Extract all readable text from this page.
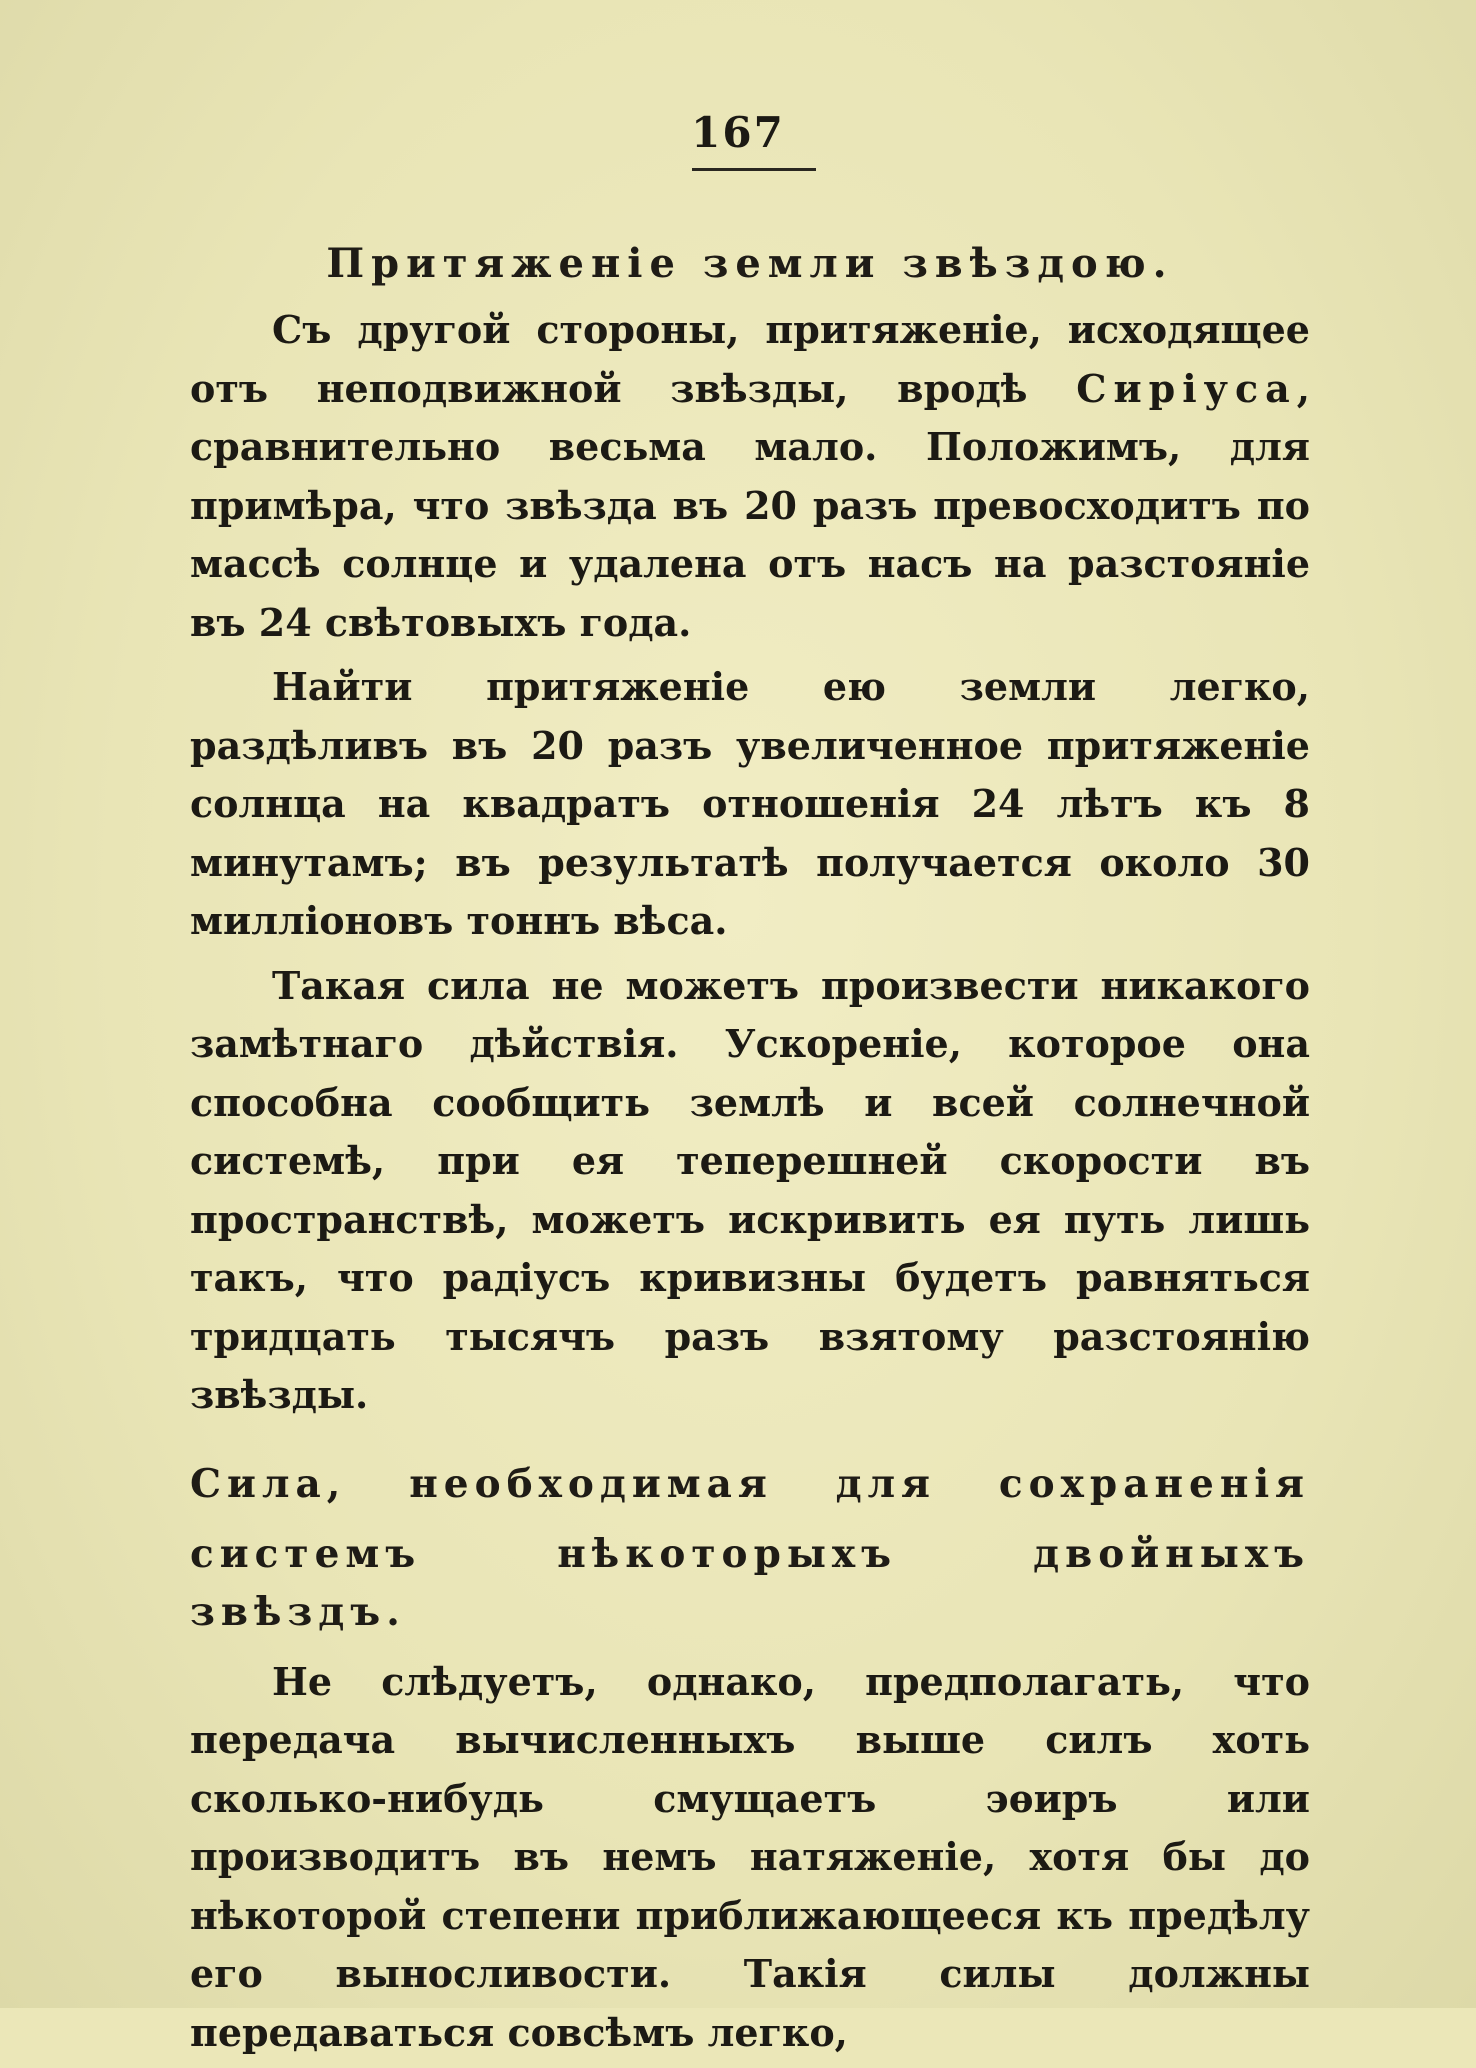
167
Притяженіе земли звѣздою.
Съ другой стороны, притяженіе, исходящее отъ неподвижной звѣзды, вродѣ Сиріуса, сравнительно весьма мало. Положимъ, для примѣра, что звѣзда въ 20 разъ превосходитъ по массѣ солнце и удалена отъ насъ на разстояніе въ 24 свѣтовыхъ года.
Найти притяженіе ею земли легко, раздѣливъ въ 20 разъ увеличенное притяженіе солнца на квадратъ отношенія 24 лѣтъ къ 8 минутамъ; въ результатѣ получается около 30 милліоновъ тоннъ вѣса.
Такая сила не можетъ произвести никакого замѣтнаго дѣйствія. Ускореніе, которое она способна сообщить землѣ и всей солнечной системѣ, при ея теперешней скорости въ пространствѣ, можетъ искривить ея путь лишь такъ, что радіусъ кривизны будетъ равняться тридцать тысячъ разъ взятому разстоянію звѣзды.
Сила, необходимая для сохраненія
системъ нѣкоторыхъ двойныхъ звѣздъ.
Не слѣдуетъ, однако, предполагать, что передача вычисленныхъ выше силъ хоть сколько-нибудь смущаетъ эѳиръ или производитъ въ немъ натяженіе, хотя бы до нѣкоторой степени приближающееся къ предѣлу его выносливости. Такія силы должны передаваться совсѣмъ легко,
